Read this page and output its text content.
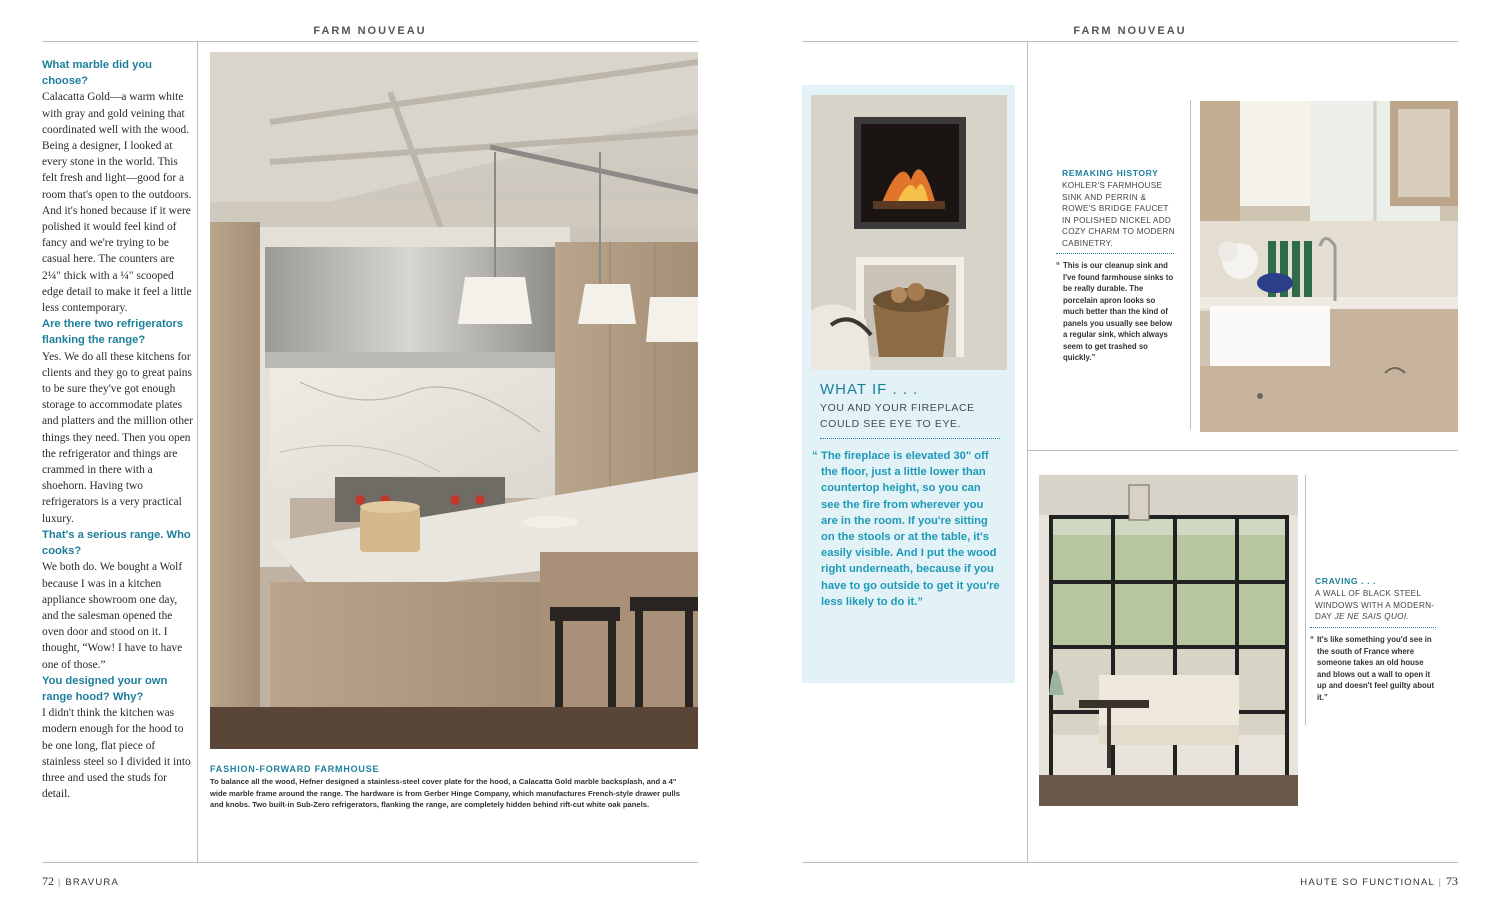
FARM NOUVEAU	FARM NOUVEAU
What marble did you choose?
Calacatta Gold—a warm white with gray and gold veining that coordinated well with the wood. Being a designer, I looked at every stone in the world. This felt fresh and light—good for a room that's open to the outdoors. And it's honed because if it were polished it would feel kind of fancy and we're trying to be casual here. The counters are 2¼" thick with a ¼" scooped edge detail to make it feel a little less contemporary.
Are there two refrigerators flanking the range?
Yes. We do all these kitchens for clients and they go to great pains to be sure they've got enough storage to accommodate plates and platters and the million other things they need. Then you open the refrigerator and things are crammed in there with a shoehorn. Having two refrigerators is a very practical luxury.
That's a serious range. Who cooks?
We both do. We bought a Wolf because I was in a kitchen appliance showroom one day, and the salesman opened the oven door and stood on it. I thought, “Wow! I have to have one of those.”
You designed your own range hood? Why?
I didn't think the kitchen was modern enough for the hood to be one long, flat piece of stainless steel so I divided it into three and used the studs for detail.
FASHION-FORWARD FARMHOUSE
To balance all the wood, Hefner designed a stainless-steel cover plate for the hood, a Calacatta Gold marble backsplash, and a 4" wide marble frame around the range. The hardware is from Gerber Hinge Company, which manufactures French-style drawer pulls and knobs. Two built-in Sub-Zero refrigerators, flanking the range, are completely hidden behind rift-cut white oak panels.
WHAT IF . . .
YOU AND YOUR FIREPLACE COULD SEE EYE TO EYE.
“ The fireplace is elevated 30" off the floor, just a little lower than countertop height, so you can see the fire from wherever you are in the room. If you're sitting on the stools or at the table, it's easily visible. And I put the wood right underneath, because if you have to go outside to get it you're less likely to do it.”
REMAKING HISTORY
KOHLER'S FARMHOUSE SINK AND PERRIN & ROWE'S BRIDGE FAUCET IN POLISHED NICKEL ADD COZY CHARM TO MODERN CABINETRY.
“ This is our cleanup sink and I've found farmhouse sinks to be really durable. The porcelain apron looks so much better than the kind of panels you usually see below a regular sink, which always seem to get trashed so quickly.”
CRAVING . . .
A WALL OF BLACK STEEL WINDOWS WITH A MODERN-DAY JE NE SAIS QUOI.
“ It's like something you'd see in the south of France where someone takes an old house and blows out a wall to open it up and doesn't feel guilty about it.”
72 | BRAVURA	HAUTE SO FUNCTIONAL | 73
